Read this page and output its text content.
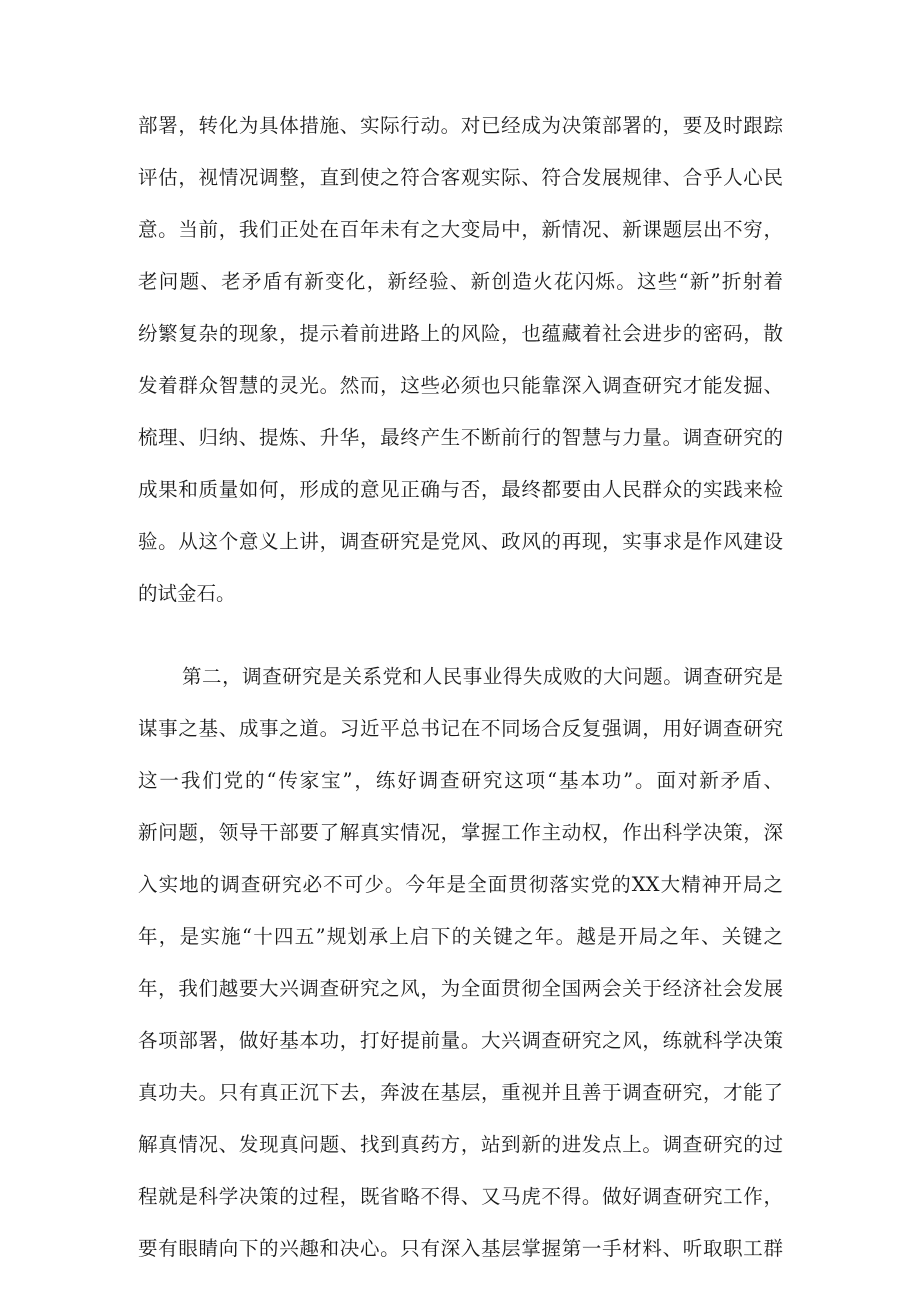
部署，转化为具体措施、实际行动。对已经成为决策部署的，要及时跟踪
评估，视情况调整，直到使之符合客观实际、符合发展规律、合乎人心民
意。当前，我们正处在百年未有之大变局中，新情况、新课题层出不穷，
老问题、老矛盾有新变化，新经验、新创造火花闪烁。这些“新”折射着
纷繁复杂的现象，提示着前进路上的风险，也蕴藏着社会进步的密码，散
发着群众智慧的灵光。然而，这些必须也只能靠深入调查研究才能发掘、
梳理、归纳、提炼、升华，最终产生不断前行的智慧与力量。调查研究的
成果和质量如何，形成的意见正确与否，最终都要由人民群众的实践来检
验。从这个意义上讲，调查研究是党风、政风的再现，实事求是作风建设
的试金石。
第二，调查研究是关系党和人民事业得失成败的大问题。调查研究是
谋事之基、成事之道。习近平总书记在不同场合反复强调，用好调查研究
这一我们党的“传家宝”，练好调查研究这项“基本功”。面对新矛盾、
新问题，领导干部要了解真实情况，掌握工作主动权，作出科学决策，深
入实地的调查研究必不可少。今年是全面贯彻落实党的XX大精神开局之
年，是实施“十四五”规划承上启下的关键之年。越是开局之年、关键之
年，我们越要大兴调查研究之风，为全面贯彻全国两会关于经济社会发展
各项部署，做好基本功，打好提前量。大兴调查研究之风，练就科学决策
真功夫。只有真正沉下去，奔波在基层，重视并且善于调查研究，才能了
解真情况、发现真问题、找到真药方，站到新的进发点上。调查研究的过
程就是科学决策的过程，既省略不得、又马虎不得。做好调查研究工作，
要有眼睛向下的兴趣和决心。只有深入基层掌握第一手材料、听取职工群
